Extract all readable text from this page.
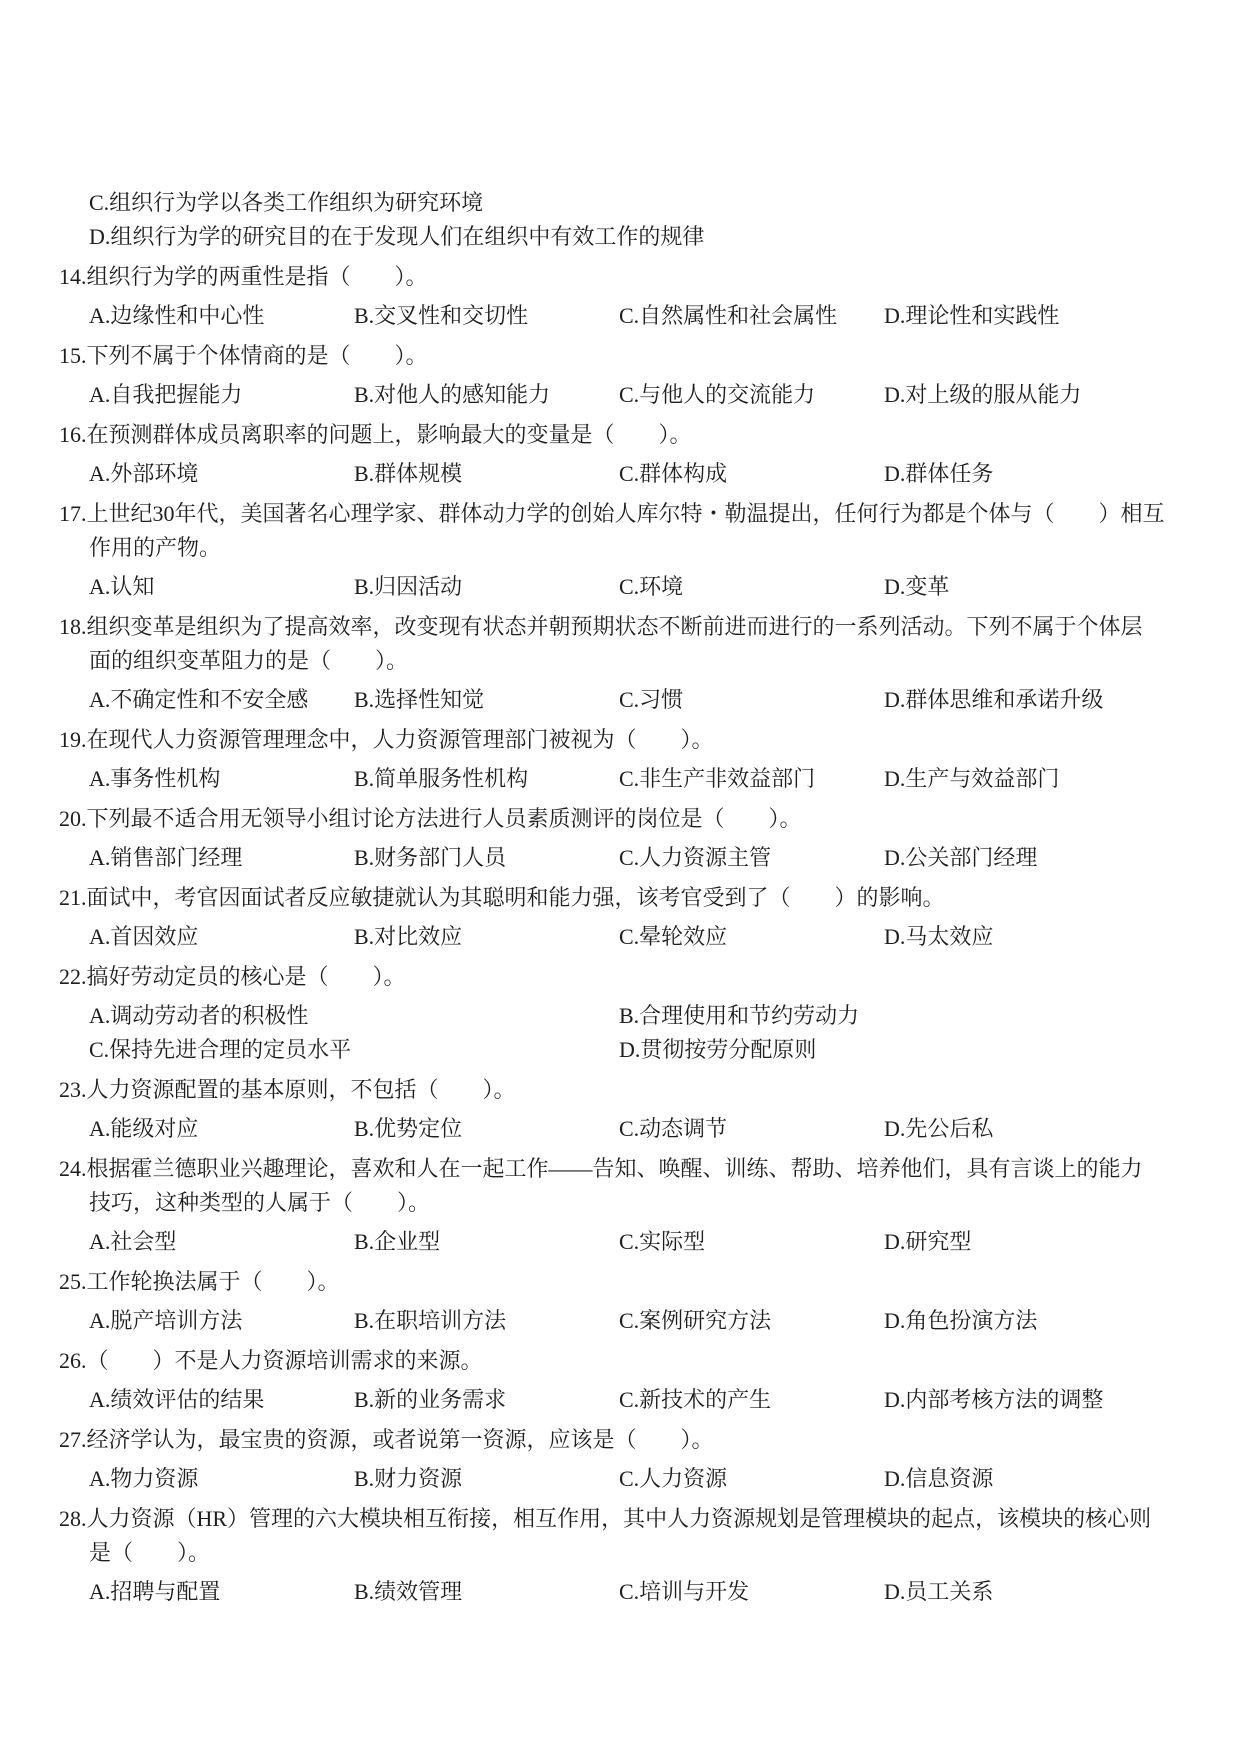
C.组织行为学以各类工作组织为研究环境
D.组织行为学的研究目的在于发现人们在组织中有效工作的规律
14.组织行为学的两重性是指（　　）。
A.边缘性和中心性	B.交叉性和交切性	C.自然属性和社会属性 D.理论性和实践性
15.下列不属于个体情商的是（　　）。
A.自我把握能力	B.对他人的感知能力	C.与他人的交流能力	D.对上级的服从能力
16.在预测群体成员离职率的问题上，影响最大的变量是（　　）。
A.外部环境	B.群体规模	C.群体构成	D.群体任务
17.上世纪30年代，美国著名心理学家、群体动力学的创始人库尔特・勒温提出，任何行为都是个体与（　　）相互
作用的产物。
A.认知	B.归因活动	C.环境	D.变革
18.组织变革是组织为了提高效率，改变现有状态并朝预期状态不断前进而进行的一系列活动。下列不属于个体层
面的组织变革阻力的是（　　）。
A.不确定性和不安全感 B.选择性知觉	C.习惯	D.群体思维和承诺升级
19.在现代人力资源管理理念中，人力资源管理部门被视为（　　）。
A.事务性机构	B.简单服务性机构	C.非生产非效益部门	D.生产与效益部门
20.下列最不适合用无领导小组讨论方法进行人员素质测评的岗位是（　　）。
A.销售部门经理	B.财务部门人员	C.人力资源主管	D.公关部门经理
21.面试中，考官因面试者反应敏捷就认为其聪明和能力强，该考官受到了（　　）的影响。
A.首因效应	B.对比效应	C.晕轮效应	D.马太效应
22.搞好劳动定员的核心是（　　）。
A.调动劳动者的积极性	B.合理使用和节约劳动力
C.保持先进合理的定员水平	D.贯彻按劳分配原则
23.人力资源配置的基本原则，不包括（　　）。
A.能级对应	B.优势定位	C.动态调节	D.先公后私
24.根据霍兰德职业兴趣理论，喜欢和人在一起工作——告知、唤醒、训练、帮助、培养他们，具有言谈上的能力
技巧，这种类型的人属于（　　）。
A.社会型	B.企业型	C.实际型	D.研究型
25.工作轮换法属于（　　）。
A.脱产培训方法	B.在职培训方法	C.案例研究方法	D.角色扮演方法
26.（　　）不是人力资源培训需求的来源。
A.绩效评估的结果	B.新的业务需求	C.新技术的产生	D.内部考核方法的调整
27.经济学认为，最宝贵的资源，或者说第一资源，应该是（　　）。
A.物力资源	B.财力资源	C.人力资源	D.信息资源
28.人力资源（HR）管理的六大模块相互衔接，相互作用，其中人力资源规划是管理模块的起点，该模块的核心则
是（　　）。
A.招聘与配置	B.绩效管理	C.培训与开发	D.员工关系
